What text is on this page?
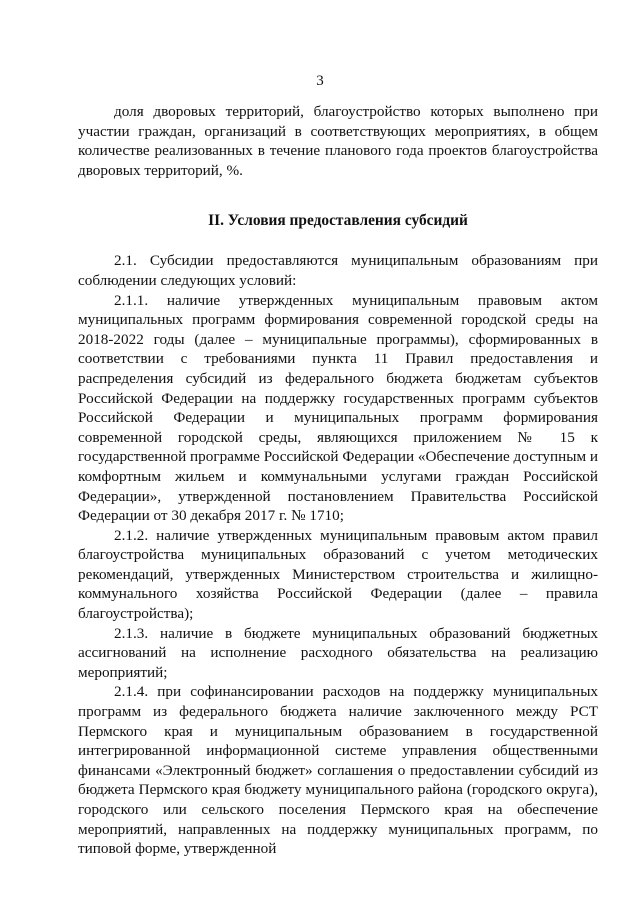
3

доля дворовых территорий, благоустройство которых выполнено при участии граждан, организаций в соответствующих мероприятиях, в общем количестве реализованных в течение планового года проектов благоустройства дворовых территорий, %.

II. Условия предоставления субсидий

2.1. Субсидии предоставляются муниципальным образованиям при соблюдении следующих условий:

2.1.1. наличие утвержденных муниципальным правовым актом муниципальных программ формирования современной городской среды на 2018-2022 годы (далее – муниципальные программы), сформированных в соответствии с требованиями пункта 11 Правил предоставления и распределения субсидий из федерального бюджета бюджетам субъектов Российской Федерации на поддержку государственных программ субъектов Российской Федерации и муниципальных программ формирования современной городской среды, являющихся приложением № 15 к государственной программе Российской Федерации «Обеспечение доступным и комфортным жильем и коммунальными услугами граждан Российской Федерации», утвержденной постановлением Правительства Российской Федерации от 30 декабря 2017 г. № 1710;

2.1.2. наличие утвержденных муниципальным правовым актом правил благоустройства муниципальных образований с учетом методических рекомендаций, утвержденных Министерством строительства и жилищно-коммунального хозяйства Российской Федерации (далее – правила благоустройства);

2.1.3. наличие в бюджете муниципальных образований бюджетных ассигнований на исполнение расходного обязательства на реализацию мероприятий;

2.1.4. при софинансировании расходов на поддержку муниципальных программ из федерального бюджета наличие заключенного между РСТ Пермского края и муниципальным образованием в государственной интегрированной информационной системе управления общественными финансами «Электронный бюджет» соглашения о предоставлении субсидий из бюджета Пермского края бюджету муниципального района (городского округа), городского или сельского поселения Пермского края на обеспечение мероприятий, направленных на поддержку муниципальных программ, по типовой форме, утвержденной
